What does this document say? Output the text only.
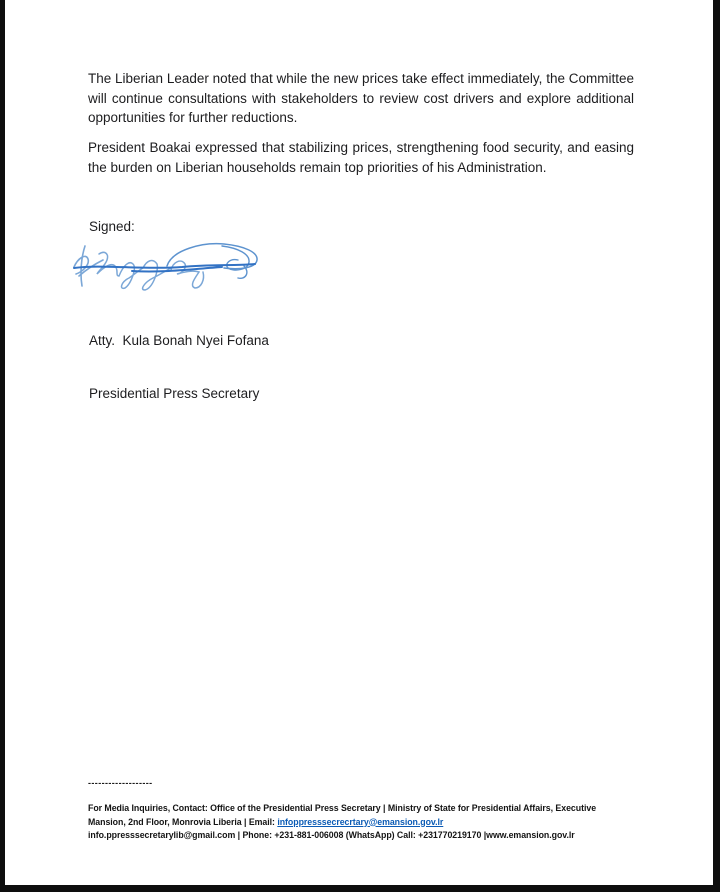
The Liberian Leader noted that while the new prices take effect immediately, the Committee will continue consultations with stakeholders to review cost drivers and explore additional opportunities for further reductions.
President Boakai expressed that stabilizing prices, strengthening food security, and easing the burden on Liberian households remain top priorities of his Administration.
Signed:

Atty.  Kula Bonah Nyei Fofana

Presidential Press Secretary

-------------------
For Media Inquiries, Contact: Office of the Presidential Press Secretary | Ministry of State for Presidential Affairs, Executive
Mansion, 2nd Floor, Monrovia Liberia | Email: infoppresssecrecrtary@emansion.gov.lr
info.ppresssecretarylib@gmail.com | Phone: +231-881-006008 (WhatsApp) Call: +231770219170 |www.emansion.gov.lr
